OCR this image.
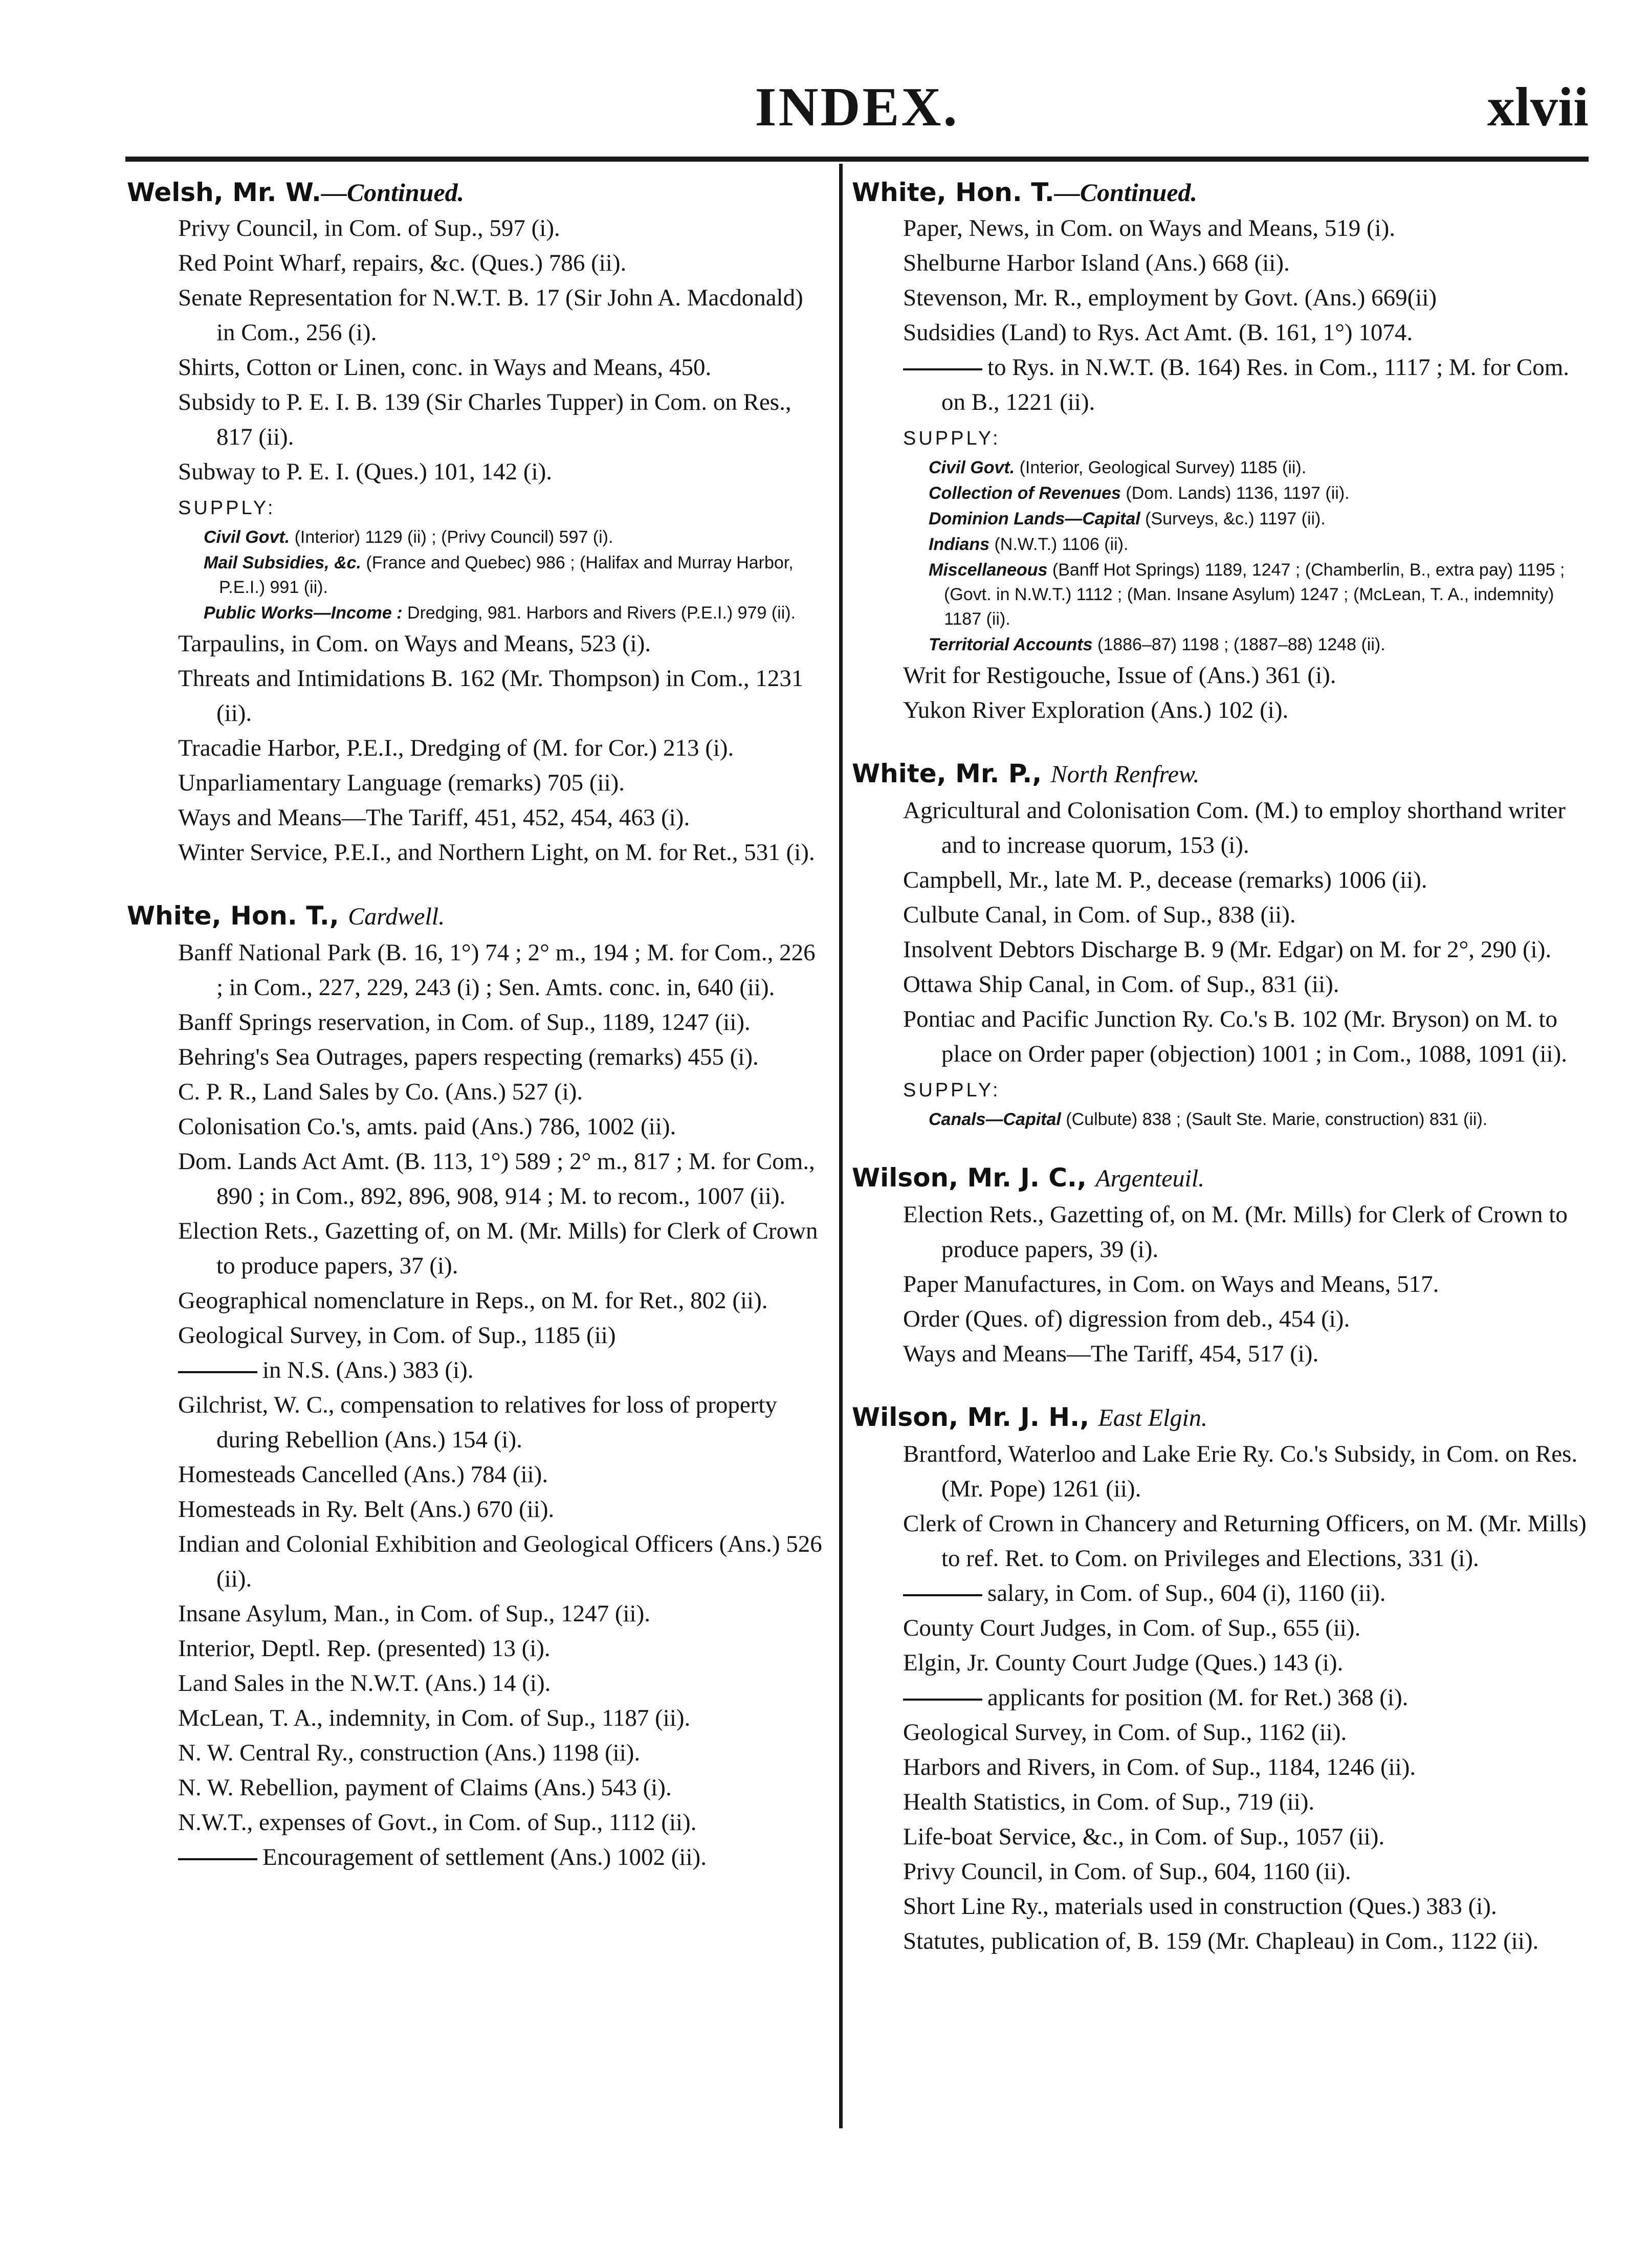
INDEX.	xlvii
Welsh, Mr. W.—Continued.
Privy Council, in Com. of Sup., 597 (i).
Red Point Wharf, repairs, &c. (Ques.) 786 (ii).
Senate Representation for N.W.T. B. 17 (Sir John A. Macdonald) in Com., 256 (i).
Shirts, Cotton or Linen, conc. in Ways and Means, 450.
Subsidy to P. E. I. B. 139 (Sir Charles Tupper) in Com. on Res., 817 (ii).
Subway to P. E. I. (Ques.) 101, 142 (i).
SUPPLY:
Civil Govt. (Interior) 1129 (ii) ; (Privy Council) 597 (i).
Mail Subsidies, &c. (France and Quebec) 986 ; (Halifax and Murray Harbor, P.E.I.) 991 (ii).
Public Works—Income : Dredging, 981. Harbors and Rivers (P.E.I.) 979 (ii).
Tarpaulins, in Com. on Ways and Means, 523 (i).
Threats and Intimidations B. 162 (Mr. Thompson) in Com., 1231 (ii).
Tracadie Harbor, P.E.I., Dredging of (M. for Cor.) 213 (i).
Unparliamentary Language (remarks) 705 (ii).
Ways and Means—The Tariff, 451, 452, 454, 463 (i).
Winter Service, P.E.I., and Northern Light, on M. for Ret., 531 (i).
White, Hon. T., Cardwell.
Banff National Park (B. 16, 1°) 74 ; 2° m., 194 ; M. for Com., 226 ; in Com., 227, 229, 243 (i) ; Sen. Amts. conc. in, 640 (ii).
Banff Springs reservation, in Com. of Sup., 1189, 1247 (ii).
Behring's Sea Outrages, papers respecting (remarks) 455 (i).
C. P. R., Land Sales by Co. (Ans.) 527 (i).
Colonisation Co.'s, amts. paid (Ans.) 786, 1002 (ii).
Dom. Lands Act Amt. (B. 113, 1°) 589 ; 2° m., 817 ; M. for Com., 890 ; in Com., 892, 896, 908, 914 ; M. to recom., 1007 (ii).
Election Rets., Gazetting of, on M. (Mr. Mills) for Clerk of Crown to produce papers, 37 (i).
Geographical nomenclature in Reps., on M. for Ret., 802 (ii).
Geological Survey, in Com. of Sup., 1185 (ii)
in N.S. (Ans.) 383 (i).
Gilchrist, W. C., compensation to relatives for loss of property during Rebellion (Ans.) 154 (i).
Homesteads Cancelled (Ans.) 784 (ii).
Homesteads in Ry. Belt (Ans.) 670 (ii).
Indian and Colonial Exhibition and Geological Officers (Ans.) 526 (ii).
Insane Asylum, Man., in Com. of Sup., 1247 (ii).
Interior, Deptl. Rep. (presented) 13 (i).
Land Sales in the N.W.T. (Ans.) 14 (i).
McLean, T. A., indemnity, in Com. of Sup., 1187 (ii).
N. W. Central Ry., construction (Ans.) 1198 (ii).
N. W. Rebellion, payment of Claims (Ans.) 543 (i).
N.W.T., expenses of Govt., in Com. of Sup., 1112 (ii).
Encouragement of settlement (Ans.) 1002 (ii).
White, Hon. T.—Continued.
Paper, News, in Com. on Ways and Means, 519 (i).
Shelburne Harbor Island (Ans.) 668 (ii).
Stevenson, Mr. R., employment by Govt. (Ans.) 669(ii)
Sudsidies (Land) to Rys. Act Amt. (B. 161, 1°) 1074.
to Rys. in N.W.T. (B. 164) Res. in Com., 1117 ; M. for Com. on B., 1221 (ii).
SUPPLY:
Civil Govt. (Interior, Geological Survey) 1185 (ii).
Collection of Revenues (Dom. Lands) 1136, 1197 (ii).
Dominion Lands—Capital (Surveys, &c.) 1197 (ii).
Indians (N.W.T.) 1106 (ii).
Miscellaneous (Banff Hot Springs) 1189, 1247 ; (Chamberlin, B., extra pay) 1195 ; (Govt. in N.W.T.) 1112 ; (Man. Insane Asylum) 1247 ; (McLean, T. A., indemnity) 1187 (ii).
Territorial Accounts (1886–87) 1198 ; (1887–88) 1248 (ii).
Writ for Restigouche, Issue of (Ans.) 361 (i).
Yukon River Exploration (Ans.) 102 (i).
White, Mr. P., North Renfrew.
Agricultural and Colonisation Com. (M.) to employ shorthand writer and to increase quorum, 153 (i).
Campbell, Mr., late M. P., decease (remarks) 1006 (ii).
Culbute Canal, in Com. of Sup., 838 (ii).
Insolvent Debtors Discharge B. 9 (Mr. Edgar) on M. for 2°, 290 (i).
Ottawa Ship Canal, in Com. of Sup., 831 (ii).
Pontiac and Pacific Junction Ry. Co.'s B. 102 (Mr. Bryson) on M. to place on Order paper (objection) 1001 ; in Com., 1088, 1091 (ii).
SUPPLY:
Canals—Capital (Culbute) 838 ; (Sault Ste. Marie, construction) 831 (ii).
Wilson, Mr. J. C., Argenteuil.
Election Rets., Gazetting of, on M. (Mr. Mills) for Clerk of Crown to produce papers, 39 (i).
Paper Manufactures, in Com. on Ways and Means, 517.
Order (Ques. of) digression from deb., 454 (i).
Ways and Means—The Tariff, 454, 517 (i).
Wilson, Mr. J. H., East Elgin.
Brantford, Waterloo and Lake Erie Ry. Co.'s Subsidy, in Com. on Res. (Mr. Pope) 1261 (ii).
Clerk of Crown in Chancery and Returning Officers, on M. (Mr. Mills) to ref. Ret. to Com. on Privileges and Elections, 331 (i).
salary, in Com. of Sup., 604 (i), 1160 (ii).
County Court Judges, in Com. of Sup., 655 (ii).
Elgin, Jr. County Court Judge (Ques.) 143 (i).
applicants for position (M. for Ret.) 368 (i).
Geological Survey, in Com. of Sup., 1162 (ii).
Harbors and Rivers, in Com. of Sup., 1184, 1246 (ii).
Health Statistics, in Com. of Sup., 719 (ii).
Life-boat Service, &c., in Com. of Sup., 1057 (ii).
Privy Council, in Com. of Sup., 604, 1160 (ii).
Short Line Ry., materials used in construction (Ques.) 383 (i).
Statutes, publication of, B. 159 (Mr. Chapleau) in Com., 1122 (ii).
